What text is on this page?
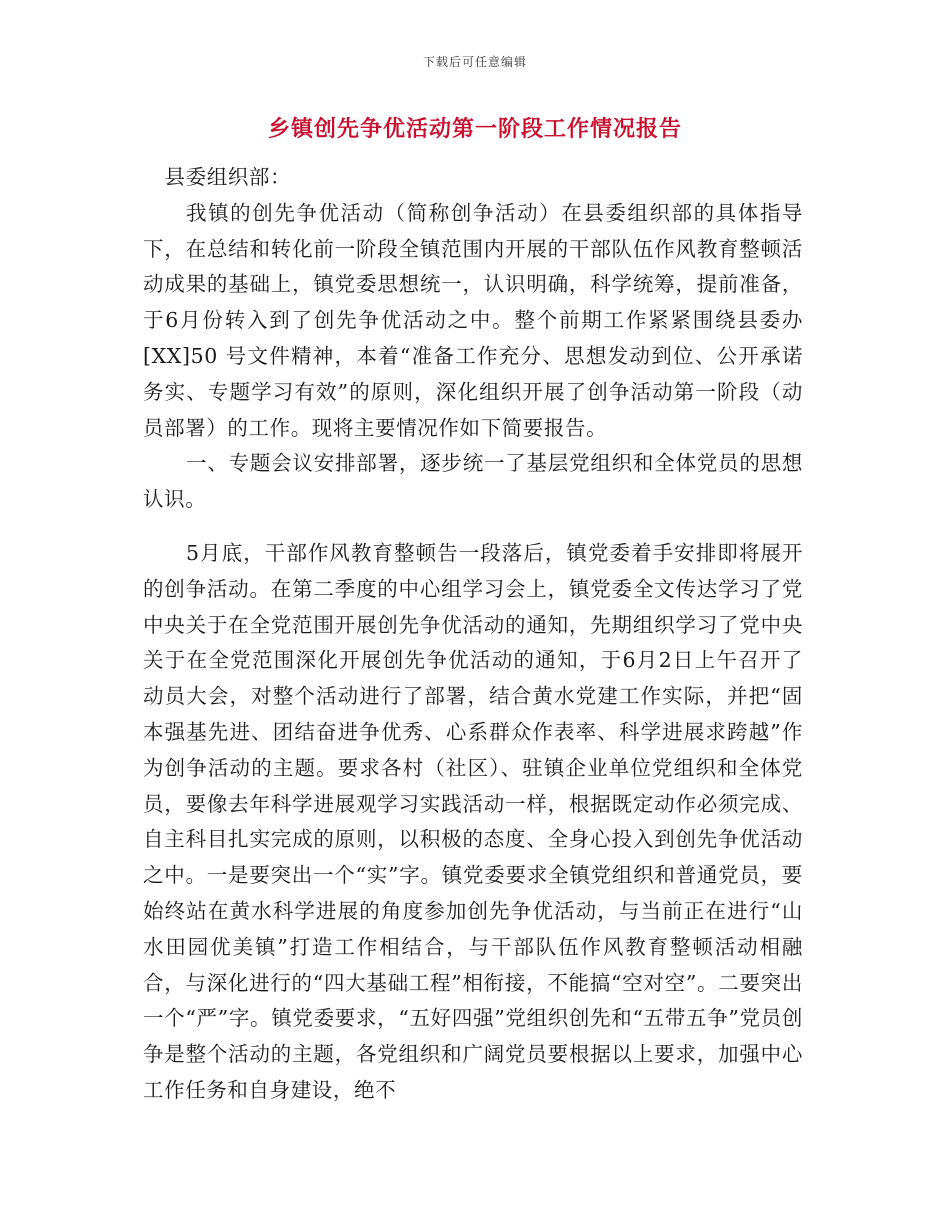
下载后可任意编辑
乡镇创先争优活动第一阶段工作情况报告

县委组织部：

我镇的创先争优活动（简称创争活动）在县委组织部的具体指导下，在总结和转化前一阶段全镇范围内开展的干部队伍作风教育整顿活动成果的基础上，镇党委思想统一，认识明确，科学统筹，提前准备，于6月份转入到了创先争优活动之中。整个前期工作紧紧围绕县委办[XX]50 号文件精神，本着“准备工作充分、思想发动到位、公开承诺务实、专题学习有效”的原则，深化组织开展了创争活动第一阶段（动员部署）的工作。现将主要情况作如下简要报告。

一、专题会议安排部署，逐步统一了基层党组织和全体党员的思想认识。

5月底，干部作风教育整顿告一段落后，镇党委着手安排即将展开的创争活动。在第二季度的中心组学习会上，镇党委全文传达学习了党中央关于在全党范围开展创先争优活动的通知，先期组织学习了党中央关于在全党范围深化开展创先争优活动的通知，于6月2日上午召开了动员大会，对整个活动进行了部署，结合黄水党建工作实际，并把“固本强基先进、团结奋进争优秀、心系群众作表率、科学进展求跨越”作为创争活动的主题。要求各村（社区）、驻镇企业单位党组织和全体党员，要像去年科学进展观学习实践活动一样，根据既定动作必须完成、自主科目扎实完成的原则，以积极的态度、全身心投入到创先争优活动之中。一是要突出一个“实”字。镇党委要求全镇党组织和普通党员，要始终站在黄水科学进展的角度参加创先争优活动，与当前正在进行“山水田园优美镇”打造工作相结合，与干部队伍作风教育整顿活动相融合，与深化进行的“四大基础工程”相衔接，不能搞“空对空”。二要突出一个“严”字。镇党委要求，“五好四强”党组织创先和“五带五争”党员创争是整个活动的主题，各党组织和广阔党员要根据以上要求，加强中心工作任务和自身建设，绝不
